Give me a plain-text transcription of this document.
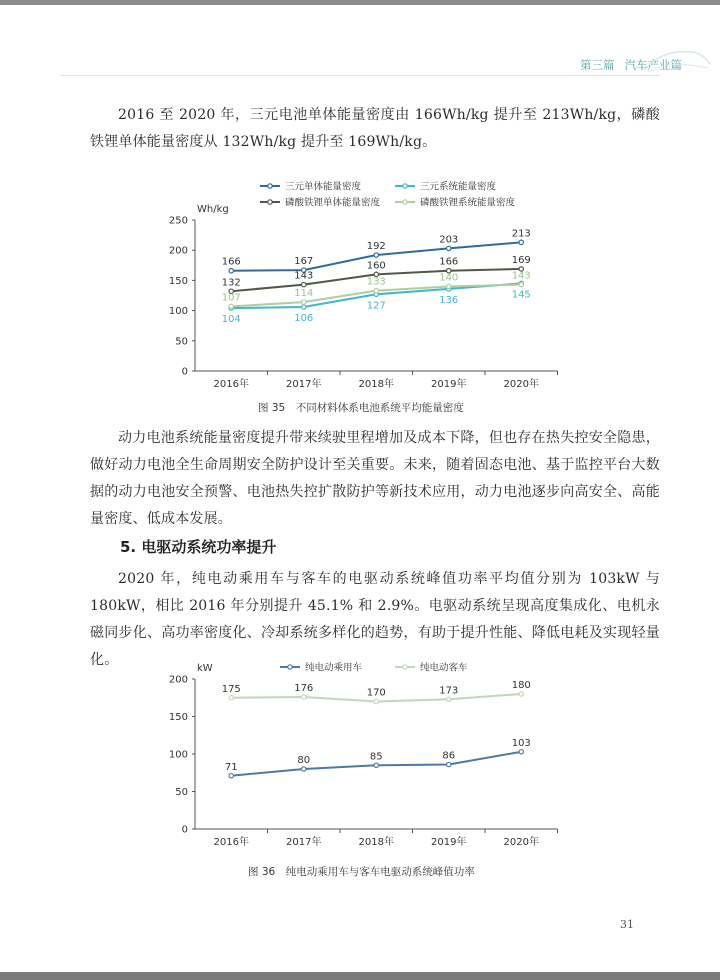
第三篇 汽车产业篇

2016 至 2020 年，三元电池单体能量密度由 166Wh/kg 提升至 213Wh/kg，磷酸铁锂单体能量密度从 132Wh/kg 提升至 169Wh/kg。

三元单体能量密度	三元系统能量密度
磷酸铁锂单体能量密度	磷酸铁锂系统能量密度
0
50
100
150
200
250
Wh/kg
2016年	2017年	2018年	2019年	2020年
166	167
192
203
213
104	106
127	136	145
132
143
160	166	169
107	114
133	140	143

图 35　不同材料体系电池系统平均能量密度

动力电池系统能量密度提升带来续驶里程增加及成本下降，但也存在热失控安全隐患，做好动力电池全生命周期安全防护设计至关重要。未来，随着固态电池、基于监控平台大数据的动力电池安全预警、电池热失控扩散防护等新技术应用，动力电池逐步向高安全、高能量密度、低成本发展。

5. 电驱动系统功率提升

2020 年，纯电动乘用车与客车的电驱动系统峰值功率平均值分别为 103kW 与 180kW，相比 2016 年分别提升 45.1% 和 2.9%。电驱动系统呈现高度集成化、电机永磁同步化、高功率密度化、冷却系统多样化的趋势，有助于提升性能、降低电耗及实现轻量化。	纯电动乘用车	纯电动客车
0
50
100
150
200
kW
2016年	2017年	2018年	2019年	2020年
71
80	85	86
103
175	176	170	173	180

图 36　纯电动乘用车与客车电驱动系统峰值功率

31
